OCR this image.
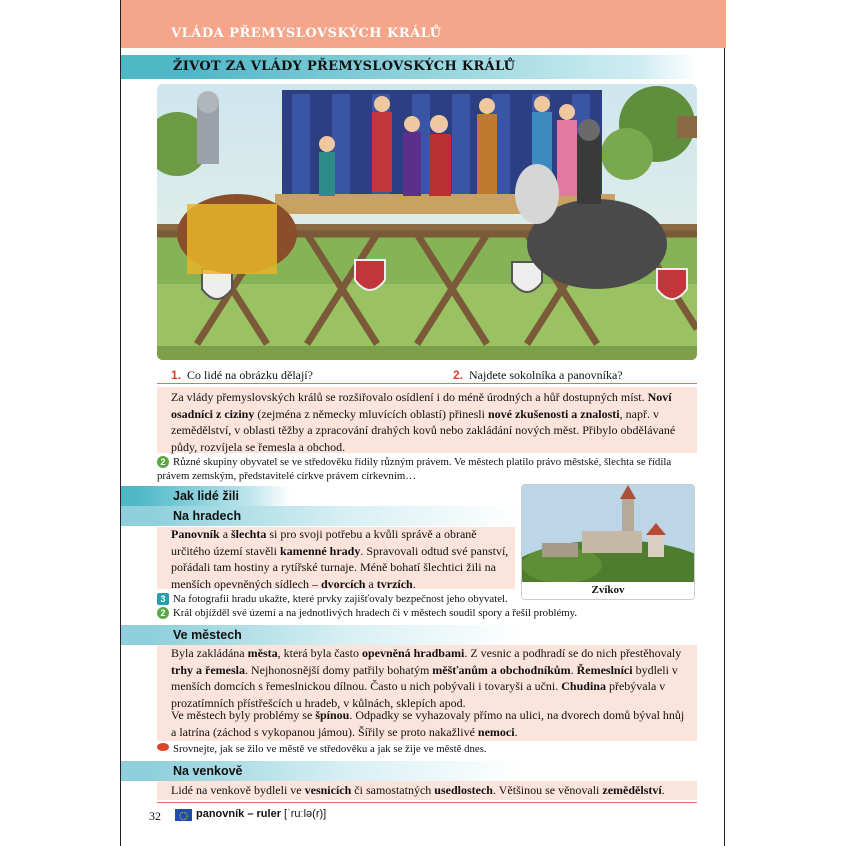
VLÁDA PŘEMYSLOVSKÝCH KRÁLŮ
ŽIVOT ZA VLÁDY PŘEMYSLOVSKÝCH KRÁLŮ
1. Co lidé na obrázku dělají?	2. Najdete sokolníka a panovníka?
Za vlády přemyslovských králů se rozšiřovalo osídlení i do méně úrodných a hůř dostupných míst. Noví osadníci z ciziny (zejména z německy mluvících oblastí) přinesli nové zkušenosti a znalosti, např. v zemědělství, v oblasti těžby a zpracování drahých kovů nebo zakládání nových měst. Přibylo obdělávané půdy, rozvíjela se řemesla a obchod.
2 Různé skupiny obyvatel se ve středověku řídily různým právem. Ve městech platilo právo městské, šlechta se řídila právem zemským, představitelé církve právem církevním…
Jak lidé žili
Na hradech
Panovník a šlechta si pro svoji potřebu a kvůli správě a obraně určitého území stavěli kamenné hrady. Spravovali odtud své panství, pořádali tam hostiny a rytířské turnaje. Méně bohatí šlechtici žili na menších opevněných sídlech – dvorcích a tvrzích.	Zvíkov
3 Na fotografii hradu ukažte, které prvky zajišťovaly bezpečnost jeho obyvatel.
2 Král objížděl své území a na jednotlivých hradech či v městech soudil spory a řešil problémy.
Ve městech
Byla zakládána města, která byla často opevněná hradbami. Z vesnic a podhradí se do nich přestěhovaly trhy a řemesla. Nejhonosnější domy patřily bohatým měšťanům a obchodníkům. Řemeslníci bydleli v menších domcích s řemeslnickou dílnou. Často u nich pobývali i tovaryši a učni. Chudina přebývala v prozatímních přístřešcích u hradeb, v kůlnách, sklepích apod.
Ve městech byly problémy se špínou. Odpadky se vyhazovaly přímo na ulici, na dvorech domů býval hnůj a latrína (záchod s vykopanou jámou). Šířily se proto nakažlivé nemoci.
Srovnejte, jak se žilo ve městě ve středověku a jak se žije ve městě dnes.
Na venkově
Lidé na venkově bydleli ve vesnicích či samostatných usedlostech. Většinou se věnovali zemědělství.
32	panovník – ruler [ˈruːlə(r)]
